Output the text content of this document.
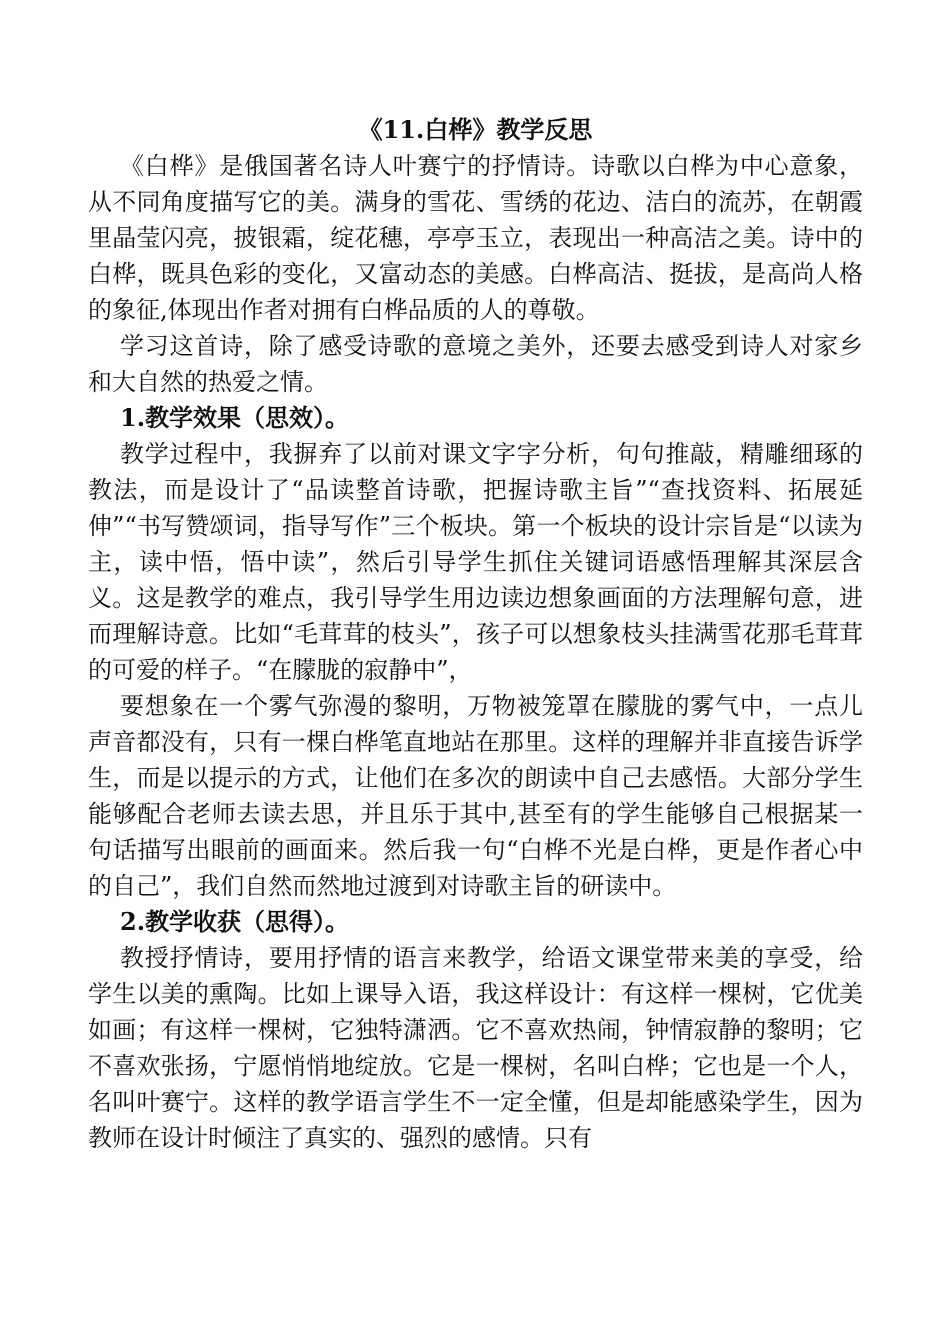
《11.白桦》教学反思

《白桦》是俄国著名诗人叶赛宁的抒情诗。诗歌以白桦为中心意象，从不同角度描写它的美。满身的雪花、雪绣的花边、洁白的流苏，在朝霞里晶莹闪亮，披银霜，绽花穗，亭亭玉立，表现出一种高洁之美。诗中的白桦，既具色彩的变化，又富动态的美感。白桦高洁、挺拔，是高尚人格的象征,体现出作者对拥有白桦品质的人的尊敬。

学习这首诗，除了感受诗歌的意境之美外，还要去感受到诗人对家乡和大自然的热爱之情。

1.教学效果（思效）。

教学过程中，我摒弃了以前对课文字字分析，句句推敲，精雕细琢的教法，而是设计了“品读整首诗歌，把握诗歌主旨”“查找资料、拓展延伸”“书写赞颂词，指导写作”三个板块。第一个板块的设计宗旨是“以读为主，读中悟，悟中读”，然后引导学生抓住关键词语感悟理解其深层含义。这是教学的难点，我引导学生用边读边想象画面的方法理解句意，进而理解诗意。比如“毛茸茸的枝头”，孩子可以想象枝头挂满雪花那毛茸茸的可爱的样子。“在朦胧的寂静中”，

要想象在一个雾气弥漫的黎明，万物被笼罩在朦胧的雾气中，一点儿声音都没有，只有一棵白桦笔直地站在那里。这样的理解并非直接告诉学生，而是以提示的方式，让他们在多次的朗读中自己去感悟。大部分学生能够配合老师去读去思，并且乐于其中,甚至有的学生能够自己根据某一句话描写出眼前的画面来。然后我一句“白桦不光是白桦，更是作者心中的自己”，我们自然而然地过渡到对诗歌主旨的研读中。

2.教学收获（思得）。

教授抒情诗，要用抒情的语言来教学，给语文课堂带来美的享受，给学生以美的熏陶。比如上课导入语，我这样设计：有这样一棵树，它优美如画；有这样一棵树，它独特潇洒。它不喜欢热闹，钟情寂静的黎明；它不喜欢张扬，宁愿悄悄地绽放。它是一棵树，名叫白桦；它也是一个人，名叫叶赛宁。这样的教学语言学生不一定全懂，但是却能感染学生，因为教师在设计时倾注了真实的、强烈的感情。只有
